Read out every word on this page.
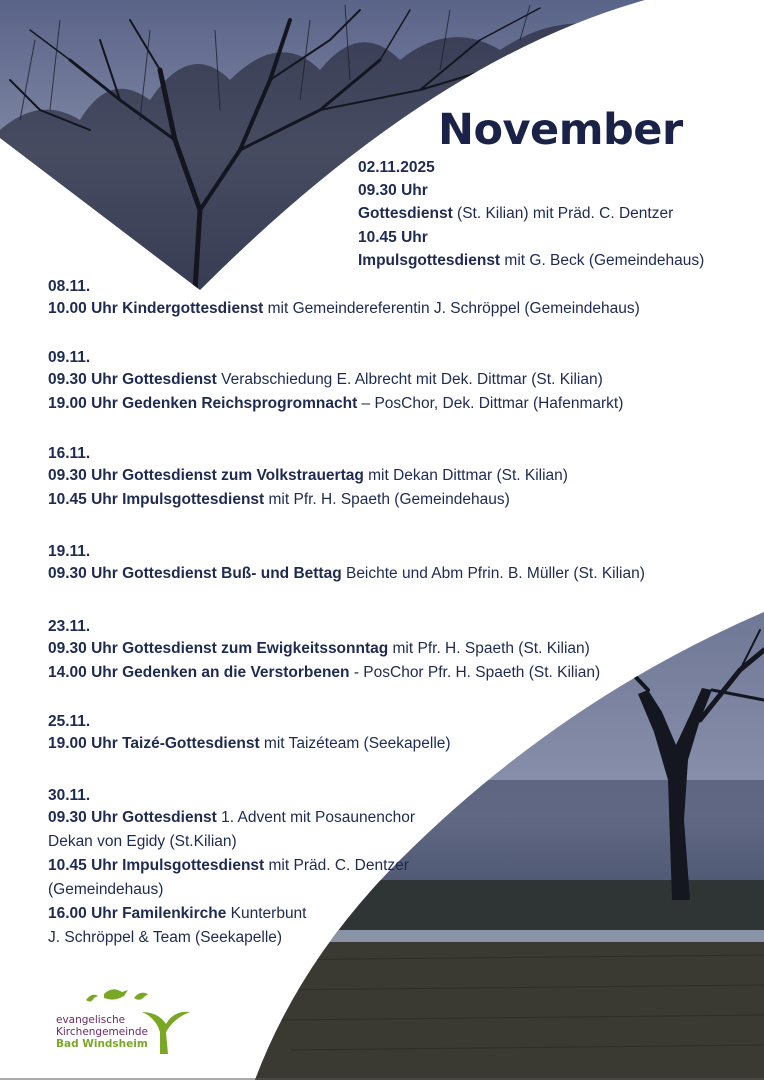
November
02.11.2025
09.30 Uhr
Gottesdienst (St. Kilian) mit Präd. C. Dentzer
10.45 Uhr
Impulsgottesdienst mit G. Beck (Gemeindehaus)
08.11.
10.00 Uhr Kindergottesdienst mit Gemeindereferentin J. Schröppel (Gemeindehaus)
09.11.
09.30 Uhr Gottesdienst Verabschiedung E. Albrecht mit Dek. Dittmar (St. Kilian)
19.00 Uhr Gedenken Reichsprogromnacht – PosChor, Dek. Dittmar (Hafenmarkt)
16.11.
09.30 Uhr Gottesdienst zum Volkstrauertag mit Dekan Dittmar (St. Kilian)
10.45 Uhr Impulsgottesdienst mit Pfr. H. Spaeth (Gemeindehaus)
19.11.
09.30 Uhr Gottesdienst Buß- und Bettag Beichte und Abm Pfrin. B. Müller (St. Kilian)
23.11.
09.30 Uhr Gottesdienst zum Ewigkeitssonntag mit Pfr. H. Spaeth (St. Kilian)
14.00 Uhr Gedenken an die Verstorbenen - PosChor Pfr. H. Spaeth (St. Kilian)
25.11.
19.00 Uhr Taizé-Gottesdienst mit Taizéteam (Seekapelle)
30.11.
09.30 Uhr Gottesdienst 1. Advent mit Posaunenchor
Dekan von Egidy (St.Kilian)
10.45 Uhr Impulsgottesdienst mit Präd. C. Dentzer
(Gemeindehaus)
16.00 Uhr Familenkirche Kunterbunt
J. Schröppel & Team (Seekapelle)
evangelische
Kirchengemeinde
Bad Windsheim
